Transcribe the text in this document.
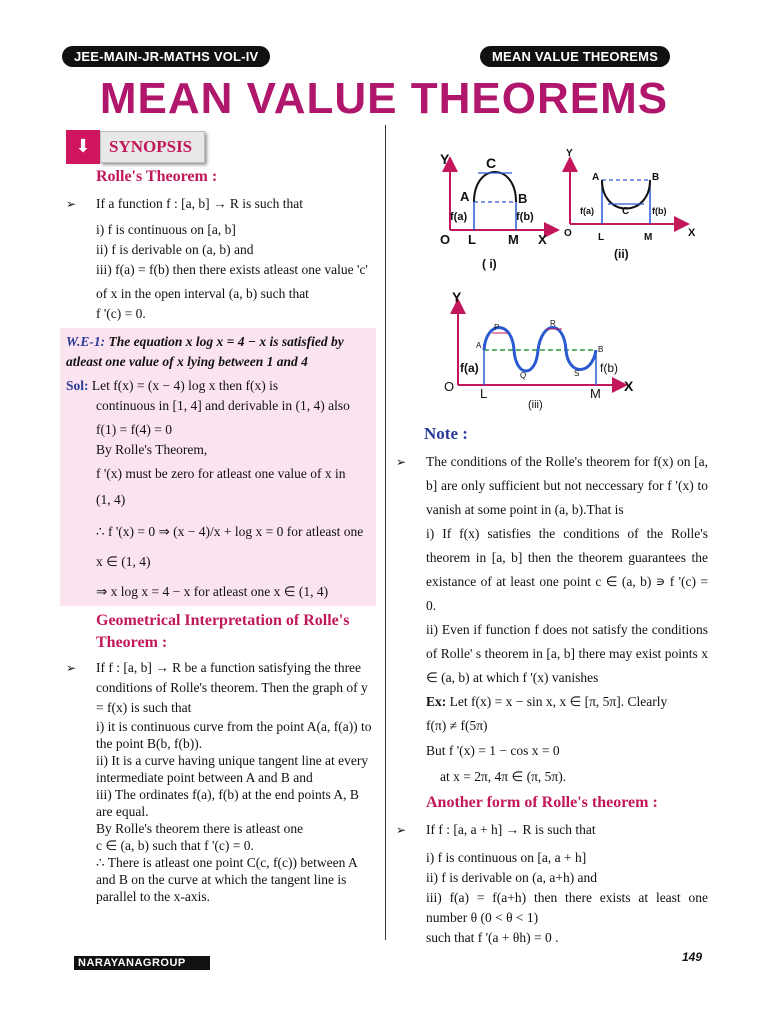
JEE-MAIN-JR-MATHS VOL-IV	MEAN VALUE THEOREMS
MEAN VALUE THEOREMS
⬇	SYNOPSIS
Rolle's Theorem :
➢ If a function f : [a, b] → R is such that
i) f is continuous on [a, b]
ii) f is derivable on (a, b) and
iii) f(a) = f(b) then there exists atleast one value 'c'
of x in the open interval (a, b) such that
f '(c) = 0.
W.E-1: The equation x log x = 4 − x is satisfied by atleast one value of x lying between 1 and 4
Sol: Let f(x) = (x − 4) log x then f(x) is
continuous in [1, 4] and derivable in (1, 4) also
f(1) = f(4) = 0
By Rolle's Theorem,
f '(x) must be zero for atleast one value of x in
(1, 4)
∴ f '(x) = 0 ⇒ (x − 4)/x + log x = 0 for atleast one
x ∈ (1, 4)
⇒ x log x = 4 − x for atleast one x ∈ (1, 4)
Geometrical Interpretation of Rolle's Theorem :
➢ If f : [a, b] → R be a function satisfying the three conditions of Rolle's theorem. Then the graph of y = f(x) is such that
i) it is continuous curve from the point A(a, f(a)) to the point B(b, f(b)).
ii) It is a curve having unique tangent line at every intermediate point between A and B and
iii) The ordinates f(a), f(b) at the end points A, B are equal.
By Rolle's theorem there is atleast one
c ∈ (a, b) such that f '(c) = 0.
∴ There is atleast one point C(c, f(c)) between A and B on the curve at which the tangent line is parallel to the x-axis.
Y	C
A	B
f(a)	f(b)
O L M X
( i)
Y
A	B
f(a)	C	f(b)
O	L	M	X
(ii)
Y
P	R
A	B
f(a)	f(b)
Q	S
O L	M X
(iii)
Note :
➢ The conditions of the Rolle's theorem for f(x) on [a, b] are only sufficient but not neccessary for f '(x) to vanish at some point in (a, b).That is
i) If f(x) satisfies the conditions of the Rolle's theorem in [a, b] then the theorem guarantees the existance of at least one point c ∈ (a, b) ∍ f '(c) = 0.
ii) Even if function f does not satisfy the conditions of Rolle' s theorem in [a, b] there may exist points x ∈ (a, b) at which f '(x) vanishes
Ex: Let f(x) = x − sin x, x ∈ [π, 5π]. Clearly
f(π) ≠ f(5π)
But f '(x) = 1 − cos x = 0
at x = 2π, 4π ∈ (π, 5π).
Another form of Rolle's theorem :
➢ If f : [a, a + h] → R is such that
i) f is continuous on [a, a + h]
ii) f is derivable on (a, a+h) and
iii) f(a) = f(a+h) then there exists at least one number θ (0 < θ < 1)
such that f '(a + θh) = 0 .
NARAYANAGROUP	149
